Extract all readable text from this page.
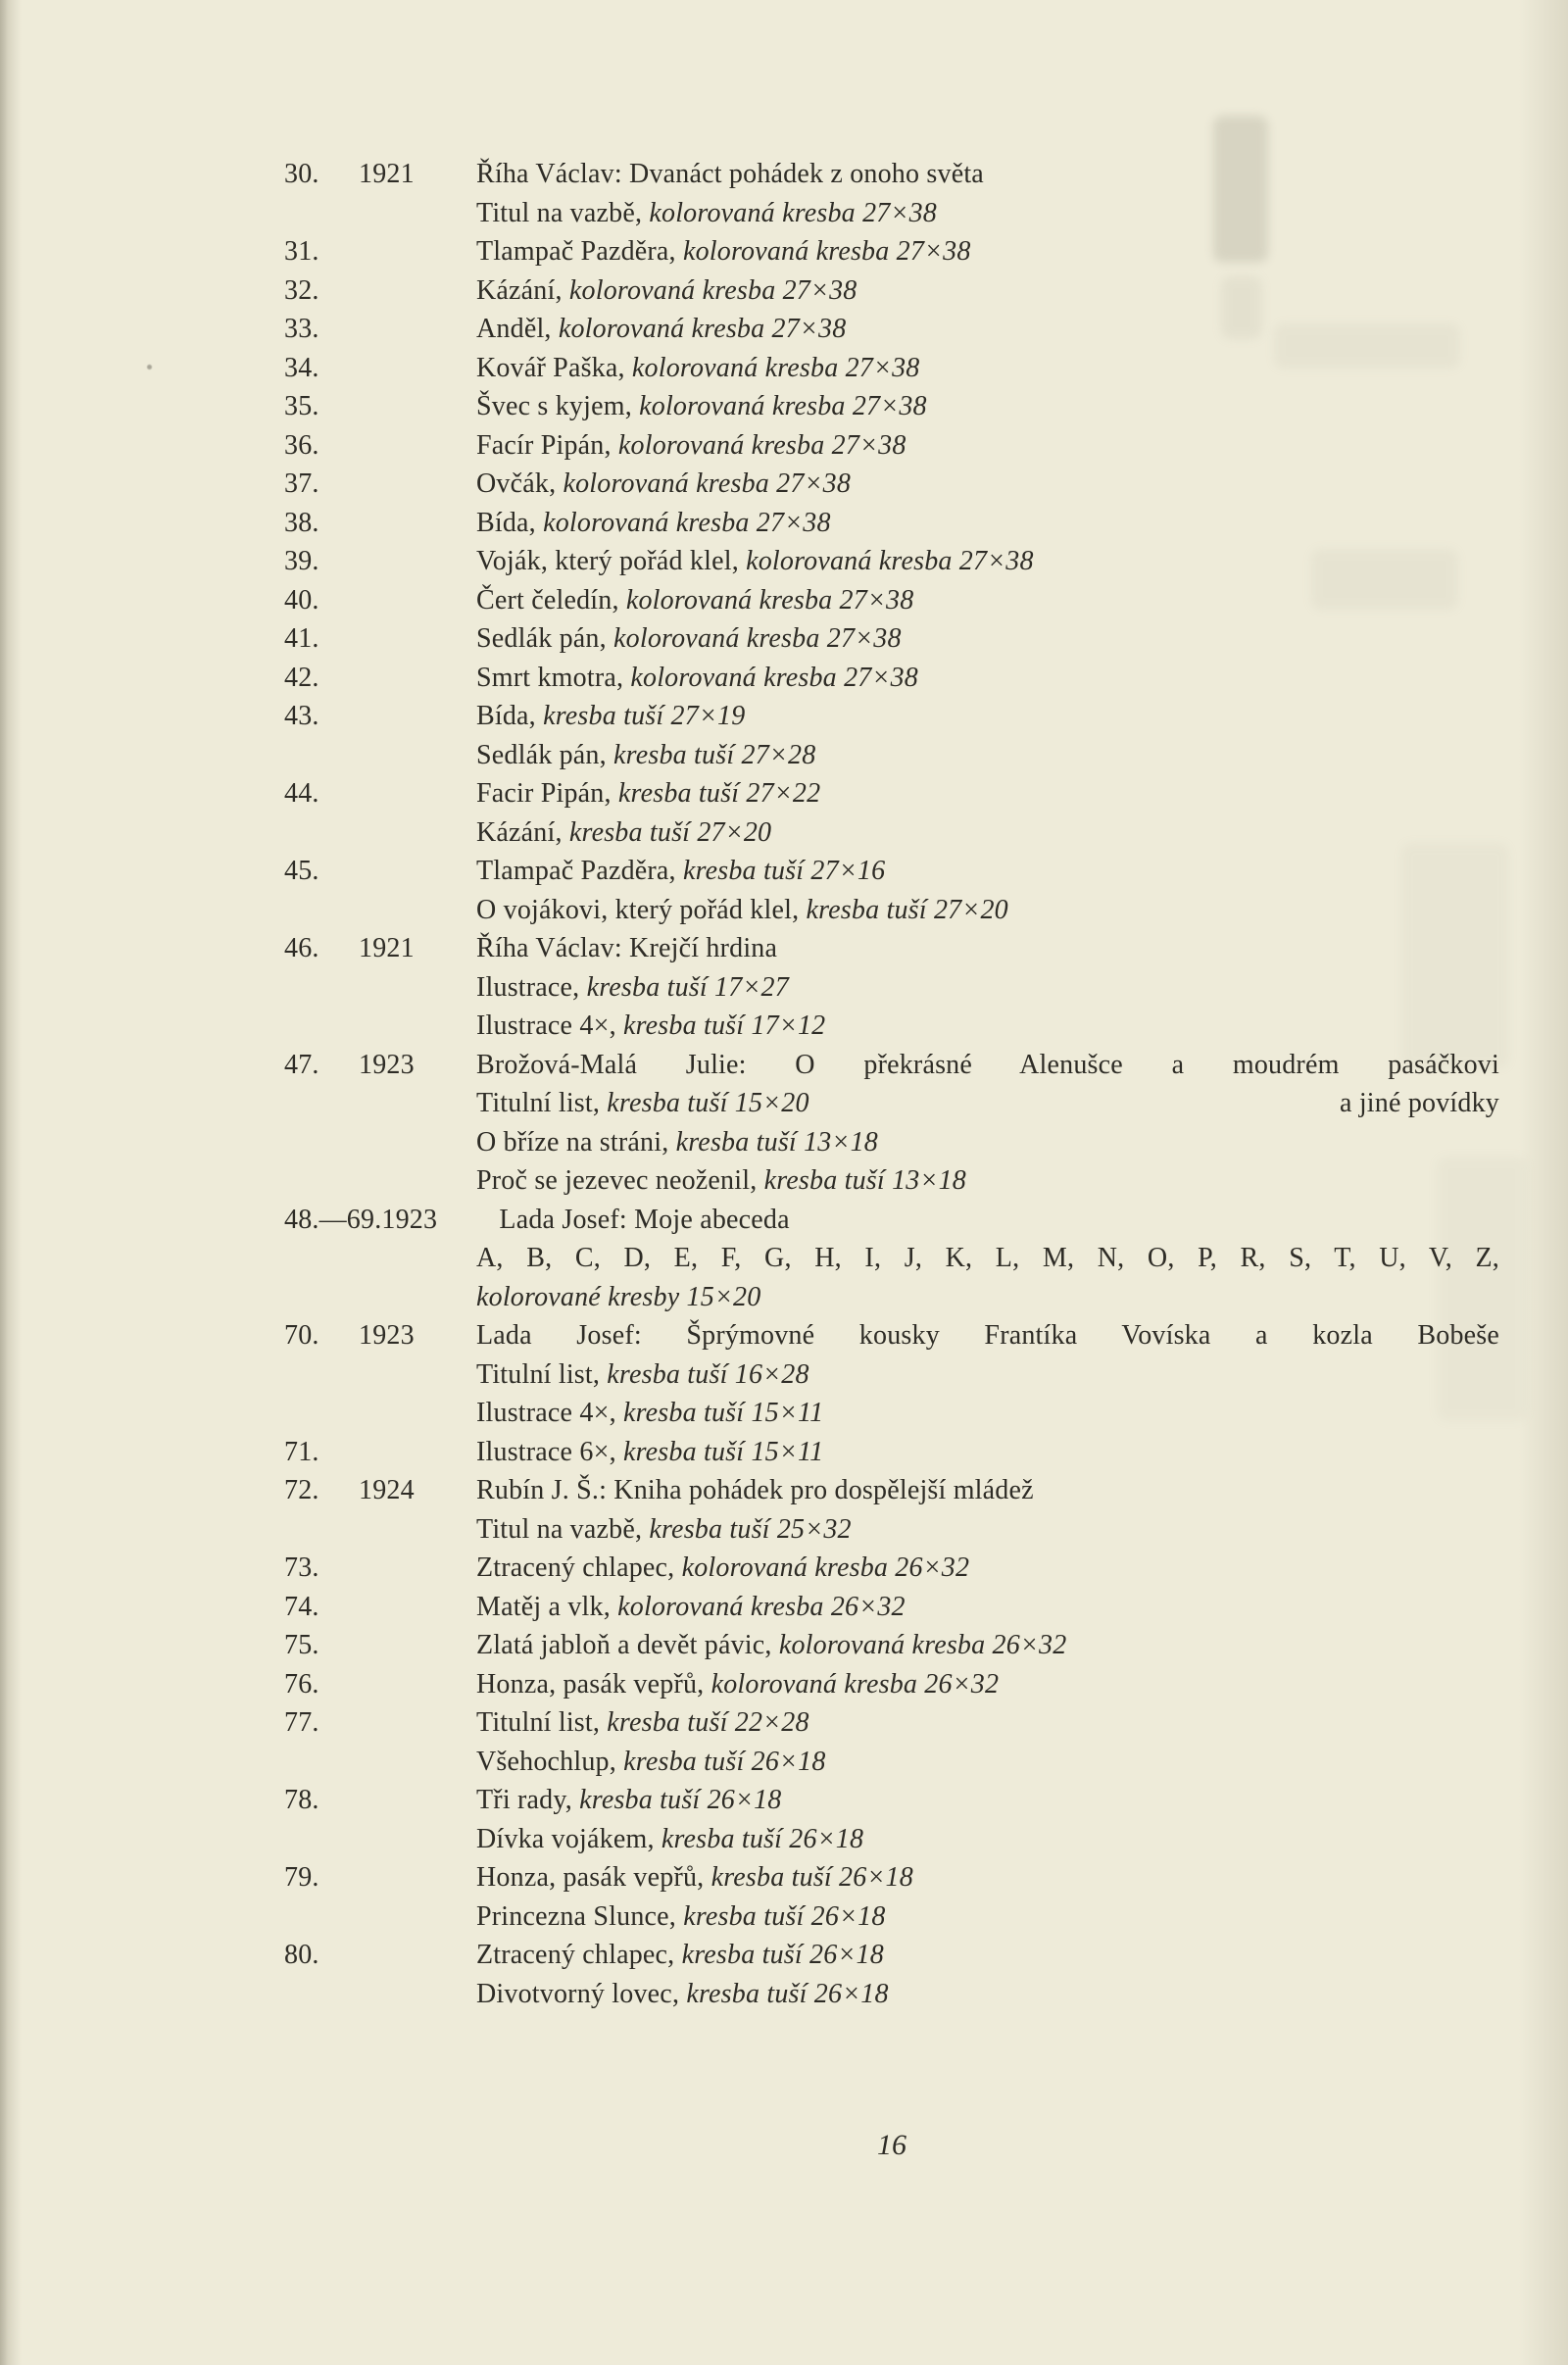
30.	1921	Říha Václav: Dvanáct pohádek z onoho světa
Titul na vazbě, kolorovaná kresba 27×38
31.	Tlampač Pazděra, kolorovaná kresba 27×38
32.	Kázání, kolorovaná kresba 27×38
33.	Anděl, kolorovaná kresba 27×38
34.	Kovář Paška, kolorovaná kresba 27×38
35.	Švec s kyjem, kolorovaná kresba 27×38
36.	Facír Pipán, kolorovaná kresba 27×38
37.	Ovčák, kolorovaná kresba 27×38
38.	Bída, kolorovaná kresba 27×38
39.	Voják, který pořád klel, kolorovaná kresba 27×38
40.	Čert čeledín, kolorovaná kresba 27×38
41.	Sedlák pán, kolorovaná kresba 27×38
42.	Smrt kmotra, kolorovaná kresba 27×38
43.	Bída, kresba tuší 27×19
Sedlák pán, kresba tuší 27×28
44.	Facir Pipán, kresba tuší 27×22
Kázání, kresba tuší 27×20
45.	Tlampač Pazděra, kresba tuší 27×16
O vojákovi, který pořád klel, kresba tuší 27×20
46.	1921	Říha Václav: Krejčí hrdina
Ilustrace, kresba tuší 17×27
Ilustrace 4×, kresba tuší 17×12
47.	1923	Brožová-Malá Julie: O překrásné Alenušce a moudrém pasáčkovi
Titulní list, kresba tuší 15×20	a jiné povídky
O bříze na stráni, kresba tuší 13×18
Proč se jezevec neoženil, kresba tuší 13×18
48.—69. 1923	Lada Josef: Moje abeceda
A, B, C, D, E, F, G, H, I, J, K, L, M, N, O, P, R, S, T, U, V, Z,
kolorované kresby 15×20
70.	1923	Lada Josef: Šprýmovné kousky Frantíka Vovíska a kozla Bobeše
Titulní list, kresba tuší 16×28
Ilustrace 4×, kresba tuší 15×11
71.	Ilustrace 6×, kresba tuší 15×11
72.	1924	Rubín J. Š.: Kniha pohádek pro dospělejší mládež
Titul na vazbě, kresba tuší 25×32
73.	Ztracený chlapec, kolorovaná kresba 26×32
74.	Matěj a vlk, kolorovaná kresba 26×32
75.	Zlatá jabloň a devět pávic, kolorovaná kresba 26×32
76.	Honza, pasák vepřů, kolorovaná kresba 26×32
77.	Titulní list, kresba tuší 22×28
Všehochlup, kresba tuší 26×18
78.	Tři rady, kresba tuší 26×18
Dívka vojákem, kresba tuší 26×18
79.	Honza, pasák vepřů, kresba tuší 26×18
Princezna Slunce, kresba tuší 26×18
80.	Ztracený chlapec, kresba tuší 26×18
Divotvorný lovec, kresba tuší 26×18
16
